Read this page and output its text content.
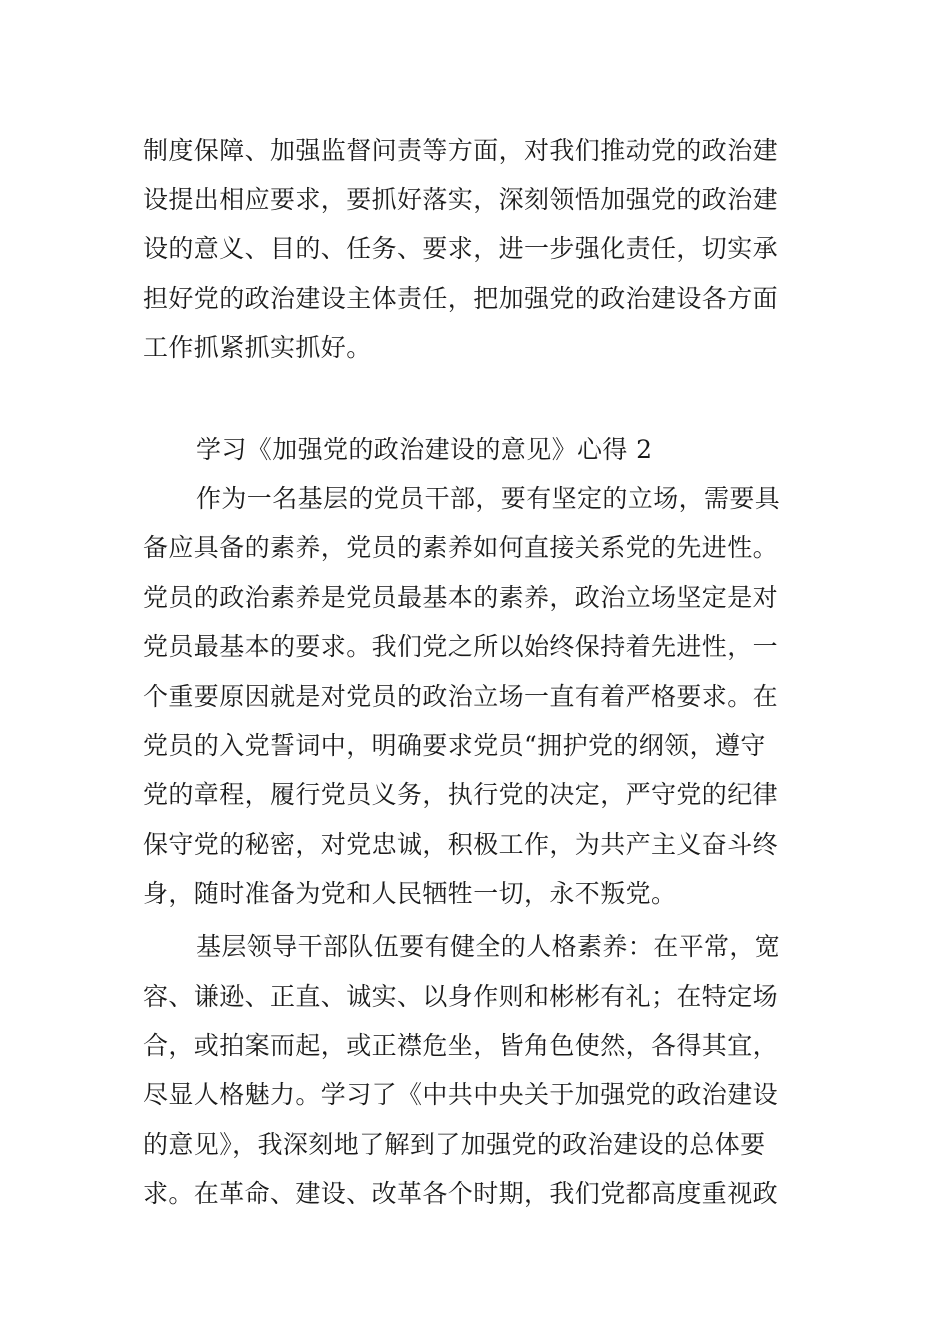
制度保障、加强监督问责等方面，对我们推动党的政治建
设提出相应要求，要抓好落实，深刻领悟加强党的政治建
设的意义、目的、任务、要求，进一步强化责任，切实承
担好党的政治建设主体责任，把加强党的政治建设各方面
工作抓紧抓实抓好。
学习《加强党的政治建设的意见》心得 2
作为一名基层的党员干部，要有坚定的立场，需要具
备应具备的素养，党员的素养如何直接关系党的先进性。
党员的政治素养是党员最基本的素养，政治立场坚定是对
党员最基本的要求。我们党之所以始终保持着先进性，一
个重要原因就是对党员的政治立场一直有着严格要求。在
党员的入党誓词中，明确要求党员“拥护党的纲领，遵守
党的章程，履行党员义务，执行党的决定，严守党的纪律
保守党的秘密，对党忠诚，积极工作，为共产主义奋斗终
身，随时准备为党和人民牺牲一切，永不叛党。
基层领导干部队伍要有健全的人格素养：在平常，宽
容、谦逊、正直、诚实、以身作则和彬彬有礼；在特定场
合，或拍案而起，或正襟危坐，皆角色使然，各得其宜，
尽显人格魅力。学习了《中共中央关于加强党的政治建设
的意见》，我深刻地了解到了加强党的政治建设的总体要
求。在革命、建设、改革各个时期，我们党都高度重视政
